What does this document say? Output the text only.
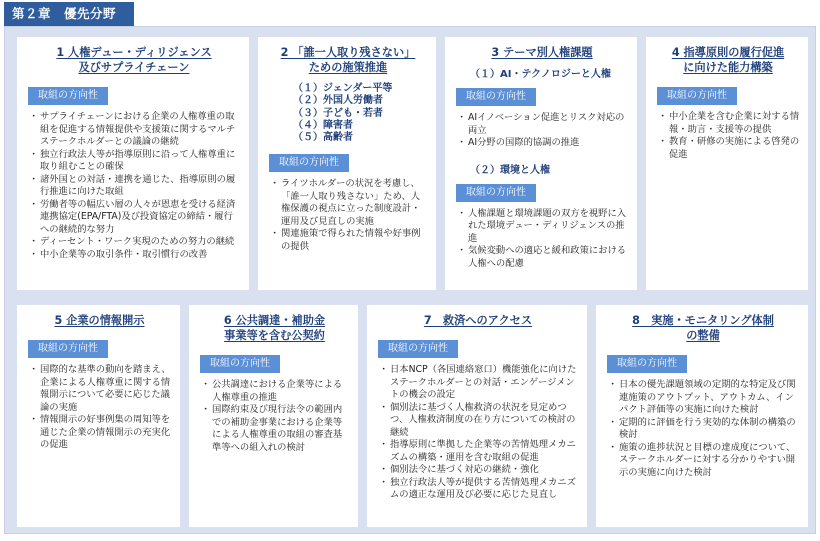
第２章　優先分野
1 人権デュー・ディリジェンス
及びサプライチェーン
取組の方向性
・ サプライチェーンにおける企業の人権尊重の取組を促進する情報提供や支援策に関するマルチステークホルダーとの議論の継続
・ 独立行政法人等が指導原則に沿って人権尊重に取り組むことの確保
・ 諸外国との対話・連携を通じた、指導原則の履行推進に向けた取組
・ 労働者等の幅広い層の人々が恩恵を受ける経済連携協定(EPA/FTA)及び投資協定の締結・履行への継続的な努力
・ ディーセント・ワーク実現のための努力の継続
・ 中小企業等の取引条件・取引慣行の改善
2 「誰一人取り残さない」
ための施策推進
（１）ジェンダー平等
（２）外国人労働者
（３）子ども・若者
（４）障害者
（５）高齢者
取組の方向性
・ ライツホルダーの状況を考慮し、「誰一人取り残さない」ため、人権保護の視点に立った制度設計・運用及び見直しの実施
・ 関連施策で得られた情報や好事例の提供
3 テーマ別人権課題
（１）AI・テクノロジーと人権
取組の方向性
・ AIイノベーション促進とリスク対応の両立
・ AI分野の国際的協調の推進
（２）環境と人権
取組の方向性
・ 人権課題と環境課題の双方を視野に入れた環境デュー・ディリジェンスの推進
・ 気候変動への適応と緩和政策における人権への配慮
4 指導原則の履行促進
に向けた能力構築
取組の方向性
・ 中小企業を含む企業に対する情報・助言・支援等の提供
・ 教育・研修の実施による啓発の促進
5 企業の情報開示
取組の方向性
・ 国際的な基準の動向を踏まえ、企業による人権尊重に関する情報開示について必要に応じた議論の実施
・ 情報開示の好事例集の周知等を通じた企業の情報開示の充実化の促進
6 公共調達・補助金
事業等を含む公契約
取組の方向性
・ 公共調達における企業等による人権尊重の推進
・ 国際約束及び現行法令の範囲内での補助金事業における企業等による人権尊重の取組の審査基準等への組入れの検討
7　救済へのアクセス
取組の方向性
・ 日本NCP（各国連絡窓口）機能強化に向けたステークホルダーとの対話・エンゲージメントの機会の設定
・ 個別法に基づく人権救済の状況を見定めつつ、人権救済制度の在り方についての検討の継続
・ 指導原則に準拠した企業等の苦情処理メカニズムの構築・運用を含む取組の促進
・ 個別法令に基づく対応の継続・強化
・ 独立行政法人等が提供する苦情処理メカニズムの適正な運用及び必要に応じた見直し
8　実施・モニタリング体制
の整備
取組の方向性
・ 日本の優先課題領域の定期的な特定及び関連施策のアウトプット、アウトカム、インパクト評価等の実施に向けた検討
・ 定期的に評価を行う実効的な体制の構築の検討
・ 施策の進捗状況と目標の達成度について、ステークホルダーに対する分かりやすい開示の実施に向けた検討
